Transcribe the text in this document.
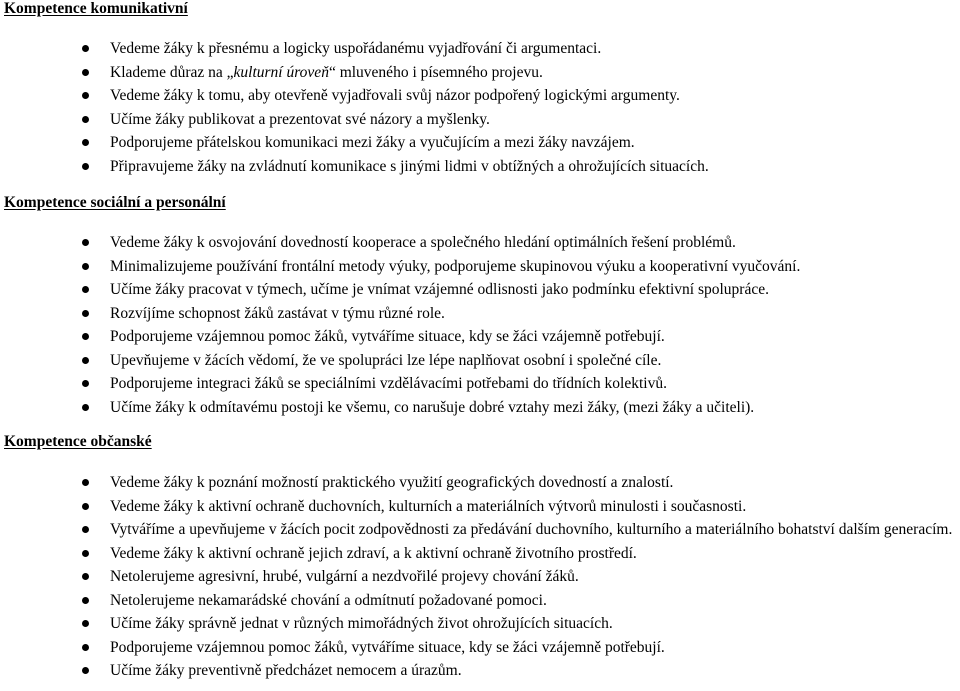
Kompetence komunikativní
Vedeme žáky k přesnému a logicky uspořádanému vyjadřování či argumentaci.
Klademe důraz na „kulturní úroveň“ mluveného i písemného projevu.
Vedeme žáky k tomu, aby otevřeně vyjadřovali svůj názor podpořený logickými argumenty.
Učíme žáky publikovat a prezentovat své názory a myšlenky.
Podporujeme přátelskou komunikaci mezi žáky a vyučujícím a mezi žáky navzájem.
Připravujeme žáky na zvládnutí komunikace s jinými lidmi v obtížných a ohrožujících situacích.
Kompetence sociální a personální
Vedeme žáky k osvojování dovedností kooperace a společného hledání optimálních řešení problémů.
Minimalizujeme používání frontální metody výuky, podporujeme skupinovou výuku a kooperativní vyučování.
Učíme žáky pracovat v týmech, učíme je vnímat vzájemné odlisnosti jako podmínku efektivní spolupráce.
Rozvíjíme schopnost žáků zastávat v týmu různé role.
Podporujeme vzájemnou pomoc žáků, vytváříme situace, kdy se žáci vzájemně potřebují.
Upevňujeme v žácích vědomí, že ve spolupráci lze lépe naplňovat osobní i společné cíle.
Podporujeme integraci žáků se speciálními vzdělávacími potřebami do třídních kolektivů.
Učíme žáky k odmítavému postoji ke všemu, co narušuje dobré vztahy mezi žáky, (mezi žáky a učiteli).
Kompetence občanské
Vedeme žáky k poznání možností praktického využití geografických dovedností a znalostí.
Vedeme žáky k aktivní ochraně duchovních, kulturních a materiálních výtvorů minulosti i současnosti.
Vytváříme a upevňujeme v žácích pocit zodpovědnosti za předávání duchovního, kulturního a materiálního bohatství dalším generacím.
Vedeme žáky k aktivní ochraně jejich zdraví, a k aktivní ochraně životního prostředí.
Netolerujeme agresivní, hrubé, vulgární a nezdvořilé projevy chování žáků.
Netolerujeme nekamarádské chování a odmítnutí požadované pomoci.
Učíme žáky správně jednat v různých mimořádných život ohrožujících situacích.
Podporujeme vzájemnou pomoc žáků, vytváříme situace, kdy se žáci vzájemně potřebují.
Učíme žáky preventivně předcházet nemocem a úrazům.
